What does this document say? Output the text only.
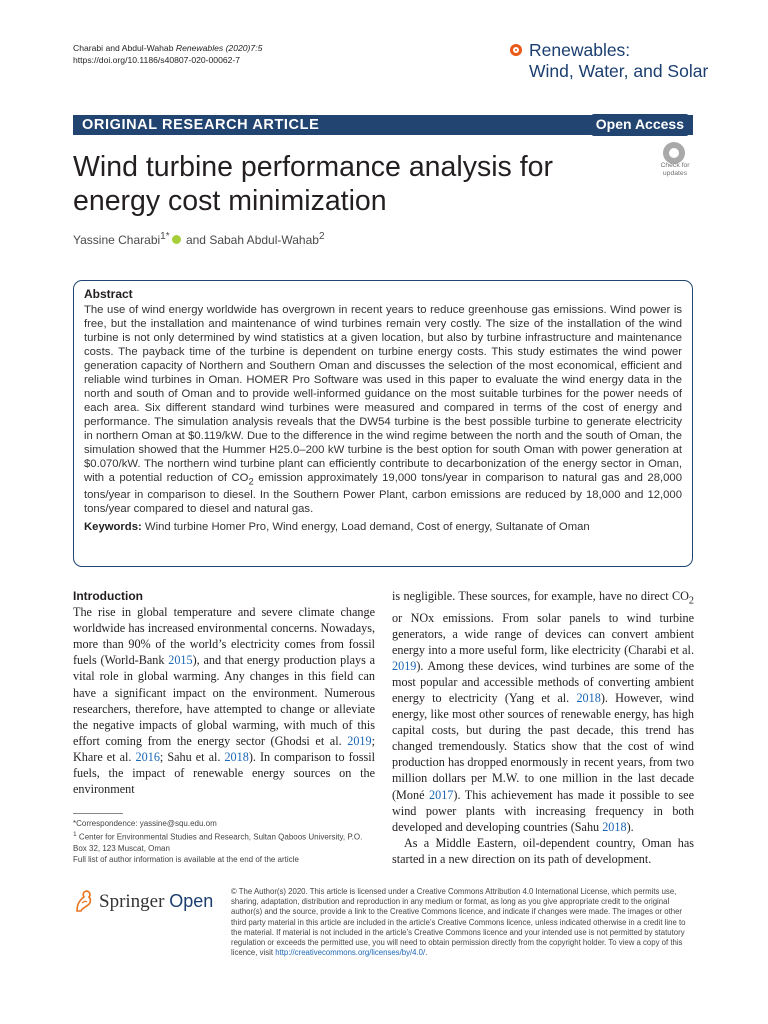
Charabi and Abdul-Wahab Renewables (2020)7:5
https://doi.org/10.1186/s40807-020-00062-7	Renewables:
Wind, Water, and Solar
ORIGINAL RESEARCH ARTICLE	Open Access
Check for
updates
Wind turbine performance analysis for energy cost minimization
Yassine Charabi$^{1*}$ and Sabah Abdul-Wahab$^2$
Abstract
The use of wind energy worldwide has overgrown in recent years to reduce greenhouse gas emissions. Wind power is free, but the installation and maintenance of wind turbines remain very costly. The size of the installation of the wind turbine is not only determined by wind statistics at a given location, but also by turbine infrastructure and maintenance costs. The payback time of the turbine is dependent on turbine energy costs. This study estimates the wind power generation capacity of Northern and Southern Oman and discusses the selection of the most economical, efficient and reliable wind turbines in Oman. HOMER Pro Software was used in this paper to evaluate the wind energy data in the north and south of Oman and to provide well-informed guidance on the most suitable turbines for the power needs of each area. Six different standard wind turbines were measured and compared in terms of the cost of energy and performance. The simulation analysis reveals that the DW54 turbine is the best possible turbine to generate electricity in northern Oman at $0.119/kW. Due to the difference in the wind regime between the north and the south of Oman, the simulation showed that the Hummer H25.0–200 kW turbine is the best option for south Oman with power generation at $0.070/kW. The northern wind turbine plant can efficiently contribute to decarbonization of the energy sector in Oman, with a potential reduction of $CO_2$ emission approximately 19,000 tons/year in comparison to natural gas and 28,000 tons/year in comparison to diesel. In the Southern Power Plant, carbon emissions are reduced by 18,000 and 12,000 tons/year compared to diesel and natural gas.
Keywords: Wind turbine Homer Pro, Wind energy, Load demand, Cost of energy, Sultanate of Oman
Introduction
The rise in global temperature and severe climate change worldwide has increased environmental concerns. Nowadays, more than 90% of the world’s electricity comes from fossil fuels (World-Bank 2015), and that energy production plays a vital role in global warming. Any changes in this field can have a significant impact on the environment. Numerous researchers, therefore, have attempted to change or alleviate the negative impacts of global warming, with much of this effort coming from the energy sector (Ghodsi et al. 2019; Khare et al. 2016; Sahu et al. 2018). In comparison to fossil fuels, the impact of renewable energy sources on the environment
is negligible. These sources, for example, have no direct $CO_2$ or NOx emissions. From solar panels to wind turbine generators, a wide range of devices can convert ambient energy into a more useful form, like electricity (Charabi et al. 2019). Among these devices, wind turbines are some of the most popular and accessible methods of converting ambient energy to electricity (Yang et al. 2018). However, wind energy, like most other sources of renewable energy, has high capital costs, but during the past decade, this trend has changed tremendously. Statics show that the cost of wind production has dropped enormously in recent years, from two million dollars per M.W. to one million in the last decade (Moné 2017). This achievement has made it possible to see wind power plants with increasing frequency in both developed and developing countries (Sahu 2018).
As a Middle Eastern, oil-dependent country, Oman has started in a new direction on its path of development.
*Correspondence: yassine@squ.edu.om
$^1$ Center for Environmental Studies and Research, Sultan Qaboos University, P.O. Box 32, 123 Muscat, Oman
Full list of author information is available at the end of the article
Springer Open © The Author(s) 2020. This article is licensed under a Creative Commons Attribution 4.0 International License, which permits use, sharing, adaptation, distribution and reproduction in any medium or format, as long as you give appropriate credit to the original author(s) and the source, provide a link to the Creative Commons licence, and indicate if changes were made. The images or other third party material in this article are included in the article’s Creative Commons licence, unless indicated otherwise in a credit line to the material. If material is not included in the article’s Creative Commons licence and your intended use is not permitted by statutory regulation or exceeds the permitted use, you will need to obtain permission directly from the copyright holder. To view a copy of this licence, visit http://creativecommons.org/licenses/by/4.0/.
